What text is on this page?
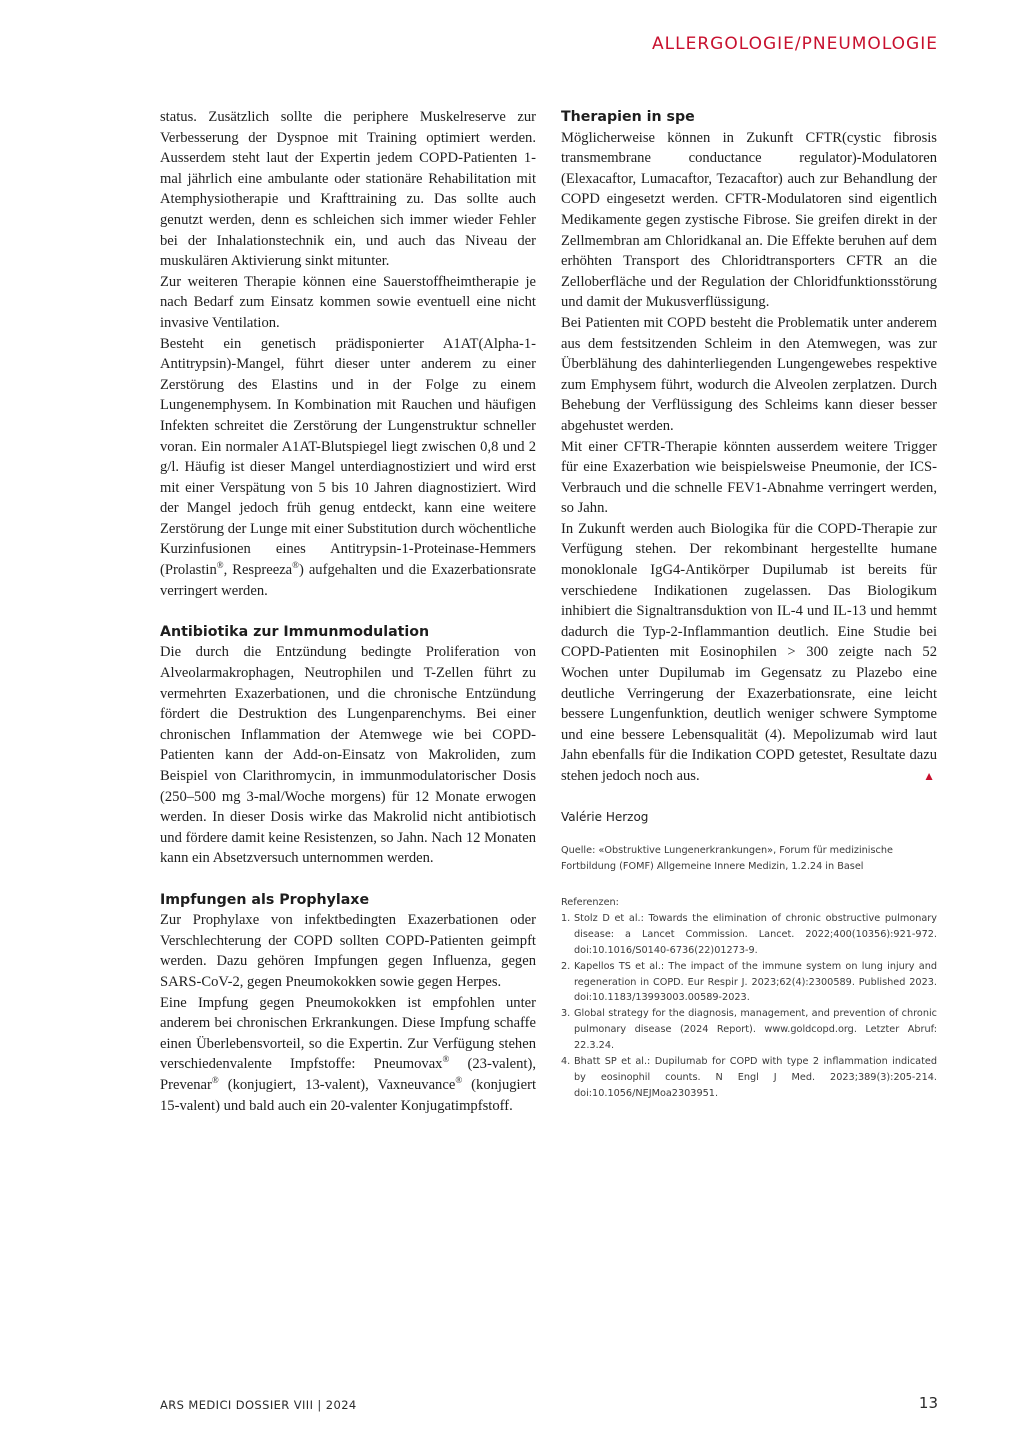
ALLERGOLOGIE/PNEUMOLOGIE

status. Zusätzlich sollte die periphere Muskelreserve zur Verbesserung der Dyspnoe mit Training optimiert werden. Ausserdem steht laut der Expertin jedem COPD-Patienten 1-mal jährlich eine ambulante oder stationäre Rehabilitation mit Atemphysiotherapie und Krafttraining zu. Das sollte auch genutzt werden, denn es schleichen sich immer wieder Fehler bei der Inhalationstechnik ein, und auch das Niveau der muskulären Aktivierung sinkt mitunter.

Zur weiteren Therapie können eine Sauerstoffheimtherapie je nach Bedarf zum Einsatz kommen sowie eventuell eine nicht invasive Ventilation.

Besteht ein genetisch prädisponierter A1AT(Alpha-1-Antitrypsin)-Mangel, führt dieser unter anderem zu einer Zerstörung des Elastins und in der Folge zu einem Lungenemphysem. In Kombination mit Rauchen und häufigen Infekten schreitet die Zerstörung der Lungenstruktur schneller voran. Ein normaler A1AT-Blutspiegel liegt zwischen 0,8 und 2 g/l. Häufig ist dieser Mangel unterdiagnostiziert und wird erst mit einer Verspätung von 5 bis 10 Jahren diagnostiziert. Wird der Mangel jedoch früh genug entdeckt, kann eine weitere Zerstörung der Lunge mit einer Substitution durch wöchentliche Kurzinfusionen eines Antitrypsin-1-Proteinase-Hemmers (Prolastin®, Respreeza®) aufgehalten und die Exazerbationsrate verringert werden.

Antibiotika zur Immunmodulation

Die durch die Entzündung bedingte Proliferation von Alveolarmakrophagen, Neutrophilen und T-Zellen führt zu vermehrten Exazerbationen, und die chronische Entzündung fördert die Destruktion des Lungenparenchyms. Bei einer chronischen Inflammation der Atemwege wie bei COPD-Patienten kann der Add-on-Einsatz von Makroliden, zum Beispiel von Clarithromycin, in immunmodulatorischer Dosis (250–500 mg 3-mal/Woche morgens) für 12 Monate erwogen werden. In dieser Dosis wirke das Makrolid nicht antibiotisch und fördere damit keine Resistenzen, so Jahn. Nach 12 Monaten kann ein Absetzversuch unternommen werden.

Impfungen als Prophylaxe

Zur Prophylaxe von infektbedingten Exazerbationen oder Verschlechterung der COPD sollten COPD-Patienten geimpft werden. Dazu gehören Impfungen gegen Influenza, gegen SARS-CoV-2, gegen Pneumokokken sowie gegen Herpes.

Eine Impfung gegen Pneumokokken ist empfohlen unter anderem bei chronischen Erkrankungen. Diese Impfung schaffe einen Überlebensvorteil, so die Expertin. Zur Verfügung stehen verschiedenvalente Impfstoffe: Pneumovax® (23-valent), Prevenar® (konjugiert, 13-valent), Vaxneuvance® (konjugiert 15-valent) und bald auch ein 20-valenter Konjugatimpfstoff.

Therapien in spe

Möglicherweise können in Zukunft CFTR(cystic fibrosis transmembrane conductance regulator)-Modulatoren (Elexacaftor, Lumacaftor, Tezacaftor) auch zur Behandlung der COPD eingesetzt werden. CFTR-Modulatoren sind eigentlich Medikamente gegen zystische Fibrose. Sie greifen direkt in der Zellmembran am Chloridkanal an. Die Effekte beruhen auf dem erhöhten Transport des Chloridtransporters CFTR an die Zelloberfläche und der Regulation der Chloridfunktionsstörung und damit der Mukusverflüssigung.

Bei Patienten mit COPD besteht die Problematik unter anderem aus dem festsitzenden Schleim in den Atemwegen, was zur Überblähung des dahinterliegenden Lungengewebes respektive zum Emphysem führt, wodurch die Alveolen zerplatzen. Durch Behebung der Verflüssigung des Schleims kann dieser besser abgehustet werden.

Mit einer CFTR-Therapie könnten ausserdem weitere Trigger für eine Exazerbation wie beispielsweise Pneumonie, der ICS-Verbrauch und die schnelle FEV1-Abnahme verringert werden, so Jahn.

In Zukunft werden auch Biologika für die COPD-Therapie zur Verfügung stehen. Der rekombinant hergestellte humane monoklonale IgG4-Antikörper Dupilumab ist bereits für verschiedene Indikationen zugelassen. Das Biologikum inhibiert die Signaltransduktion von IL-4 und IL-13 und hemmt dadurch die Typ-2-Inflammantion deutlich. Eine Studie bei COPD-Patienten mit Eosinophilen > 300 zeigte nach 52 Wochen unter Dupilumab im Gegensatz zu Plazebo eine deutliche Verringerung der Exazerbationsrate, eine leicht bessere Lungenfunktion, deutlich weniger schwere Symptome und eine bessere Lebensqualität (4). Mepolizumab wird laut Jahn ebenfalls für die Indikation COPD getestet, Resultate dazu stehen jedoch noch aus.	▲

Valérie Herzog
Quelle: «Obstruktive Lungenerkrankungen», Forum für medizinische Fortbildung (FOMF) Allgemeine Innere Medizin, 1.2.24 in Basel
Referenzen:
1. Stolz D et al.: Towards the elimination of chronic obstructive pulmonary disease: a Lancet Commission. Lancet. 2022;400(10356):921-972. doi:10.1016/S0140-6736(22)01273-9.
2. Kapellos TS et al.: The impact of the immune system on lung injury and regeneration in COPD. Eur Respir J. 2023;62(4):2300589. Published 2023. doi:10.1183/13993003.00589-2023.
3. Global strategy for the diagnosis, management, and prevention of chronic pulmonary disease (2024 Report). www.goldcopd.org. Letzter Abruf: 22.3.24.
4. Bhatt SP et al.: Dupilumab for COPD with type 2 inflammation indicated by eosinophil counts. N Engl J Med. 2023;389(3):205-214. doi:10.1056/NEJMoa2303951.
ARS MEDICI DOSSIER VIII | 2024	13
